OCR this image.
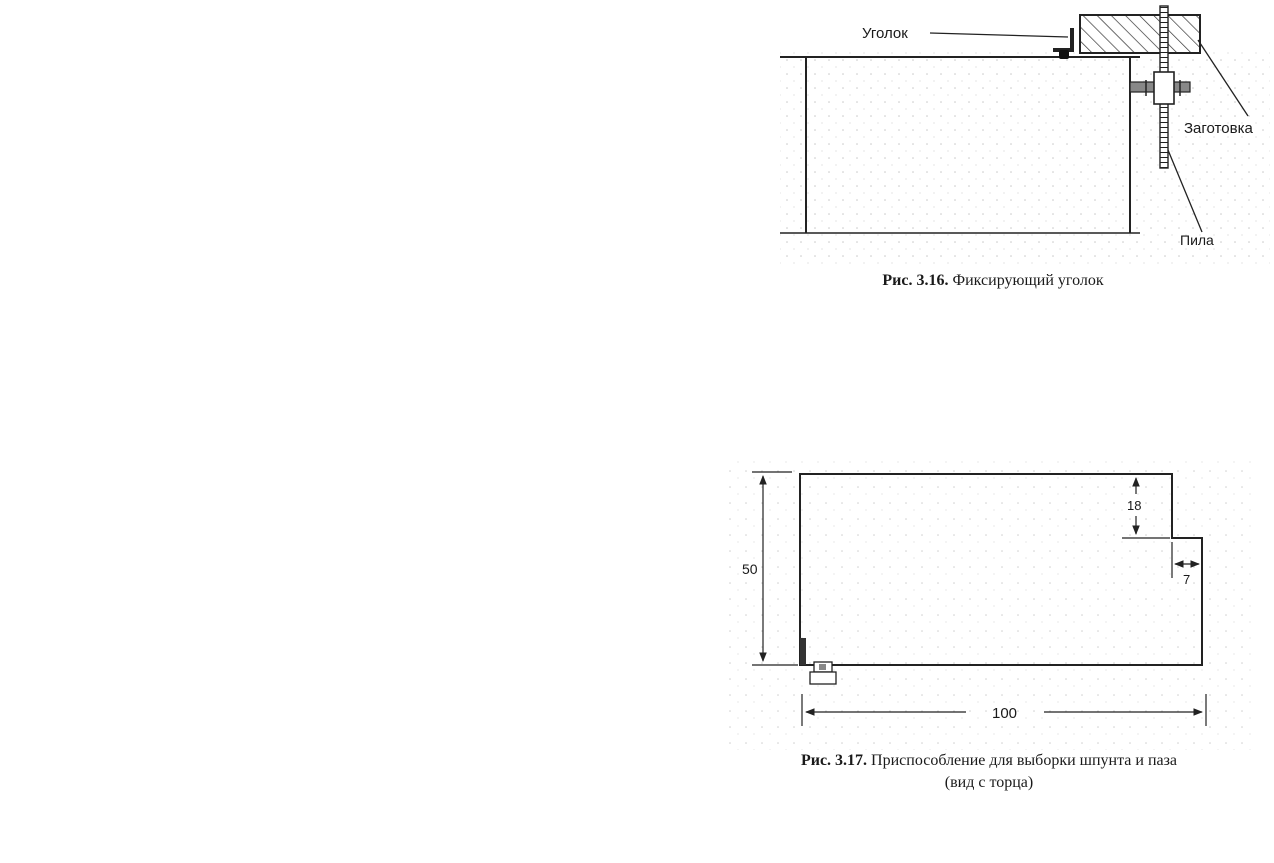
Уголок
Заготовка
Пила
Рис. 3.16. Фиксирующий уголок
50
18
7
100
Рис. 3.17. Приспособление для выборки шпунта и паза
(вид с торца)
